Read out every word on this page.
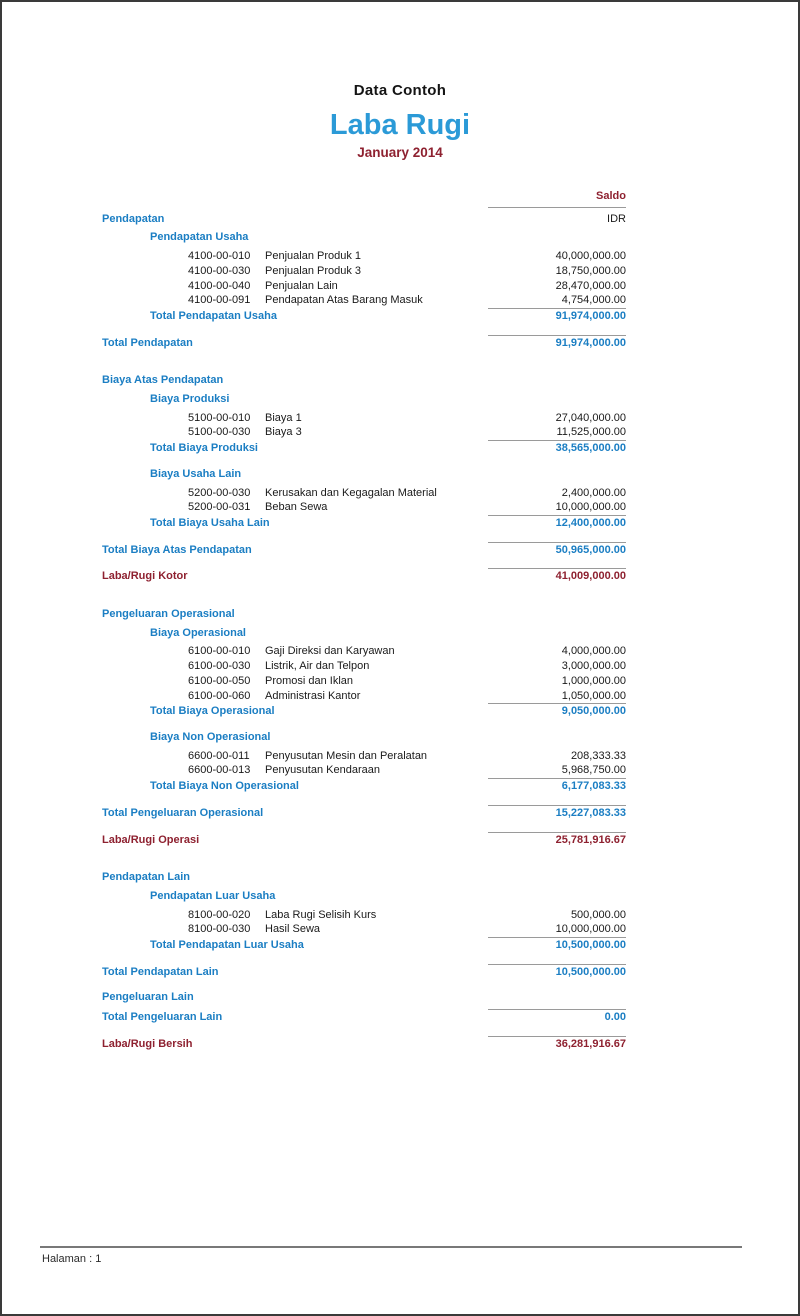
Data Contoh
Laba Rugi
January 2014
Saldo
Pendapatan	IDR
Pendapatan Usaha
4100-00-010	Penjualan Produk 1	40,000,000.00
4100-00-030	Penjualan Produk 3	18,750,000.00
4100-00-040	Penjualan Lain	28,470,000.00
4100-00-091	Pendapatan Atas Barang Masuk	4,754,000.00
Total Pendapatan Usaha	91,974,000.00
Total Pendapatan	91,974,000.00
Biaya Atas Pendapatan
Biaya Produksi
5100-00-010	Biaya 1	27,040,000.00
5100-00-030	Biaya 3	11,525,000.00
Total Biaya Produksi	38,565,000.00
Biaya Usaha Lain
5200-00-030	Kerusakan dan Kegagalan Material	2,400,000.00
5200-00-031	Beban Sewa	10,000,000.00
Total Biaya Usaha Lain	12,400,000.00
Total Biaya Atas Pendapatan	50,965,000.00
Laba/Rugi Kotor	41,009,000.00
Pengeluaran Operasional
Biaya Operasional
6100-00-010	Gaji Direksi dan Karyawan	4,000,000.00
6100-00-030	Listrik, Air dan Telpon	3,000,000.00
6100-00-050	Promosi dan Iklan	1,000,000.00
6100-00-060	Administrasi Kantor	1,050,000.00
Total Biaya Operasional	9,050,000.00
Biaya Non Operasional
6600-00-011	Penyusutan Mesin dan Peralatan	208,333.33
6600-00-013	Penyusutan Kendaraan	5,968,750.00
Total Biaya Non Operasional	6,177,083.33
Total Pengeluaran Operasional	15,227,083.33
Laba/Rugi Operasi	25,781,916.67
Pendapatan Lain
Pendapatan Luar Usaha
8100-00-020	Laba Rugi Selisih Kurs	500,000.00
8100-00-030	Hasil Sewa	10,000,000.00
Total Pendapatan Luar Usaha	10,500,000.00
Total Pendapatan Lain	10,500,000.00
Pengeluaran Lain
Total Pengeluaran Lain	0.00
Laba/Rugi Bersih	36,281,916.67
Halaman : 1
